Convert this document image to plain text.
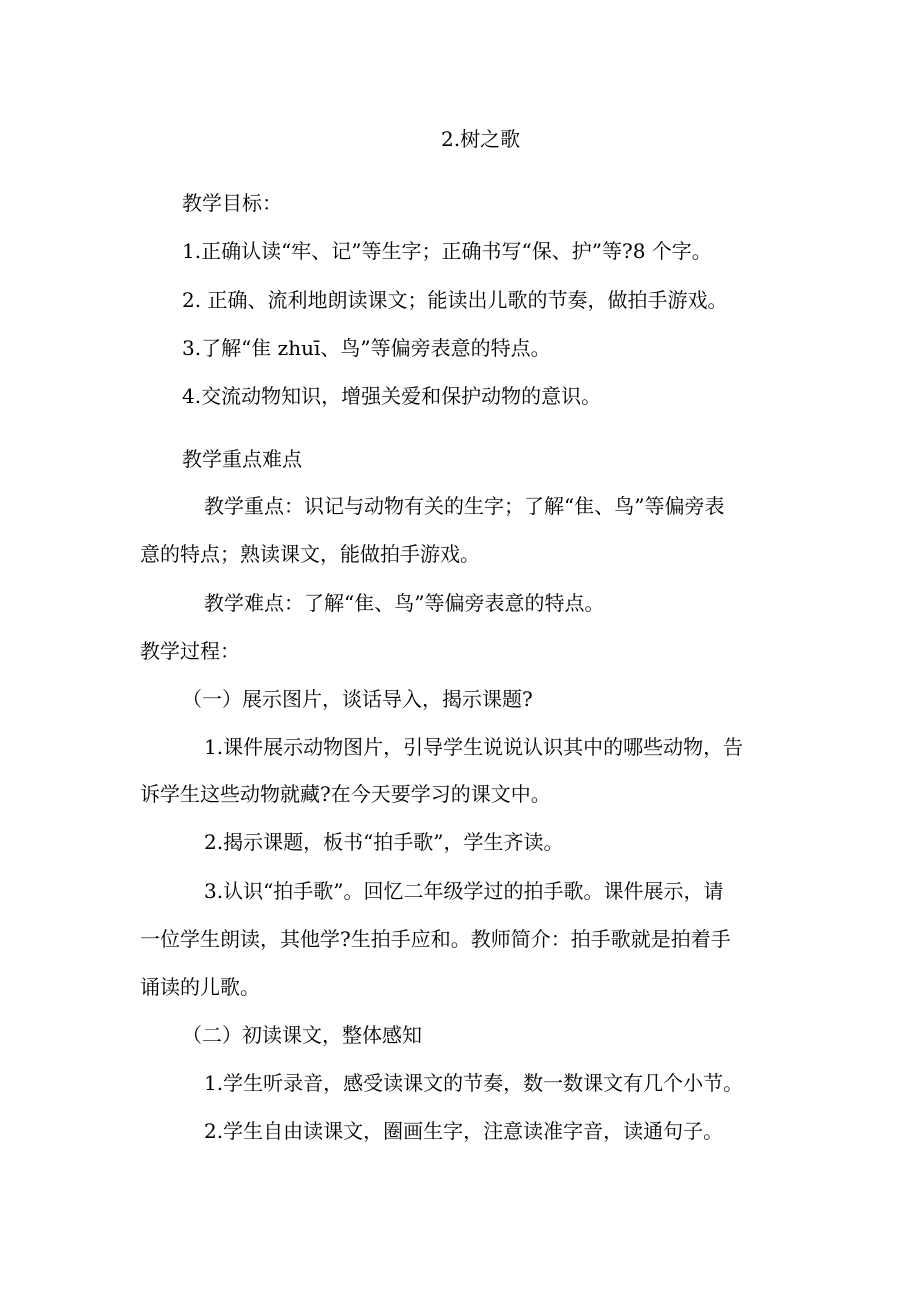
2.树之歌

教学目标：

1.正确认读“牢、记”等生字；正确书写“保、护”等?8 个字。

2. 正确、流利地朗读课文；能读出儿歌的节奏，做拍手游戏。

3.了解“隹 zhuī、鸟”等偏旁表意的特点。

4.交流动物知识，增强关爱和保护动物的意识。

教学重点难点

教学重点：识记与动物有关的生字；了解“隹、鸟”等偏旁表

意的特点；熟读课文，能做拍手游戏。

教学难点：了解“隹、鸟”等偏旁表意的特点。

教学过程：

（一）展示图片，谈话导入，揭示课题?

1.课件展示动物图片，引导学生说说认识其中的哪些动物，告

诉学生这些动物就藏?在今天要学习的课文中。

2.揭示课题，板书“拍手歌”，学生齐读。

3.认识“拍手歌”。回忆二年级学过的拍手歌。课件展示，请

一位学生朗读，其他学?生拍手应和。教师简介：拍手歌就是拍着手

诵读的儿歌。

（二）初读课文，整体感知

1.学生听录音，感受读课文的节奏，数一数课文有几个小节。

2.学生自由读课文，圈画生字，注意读准字音，读通句子。
